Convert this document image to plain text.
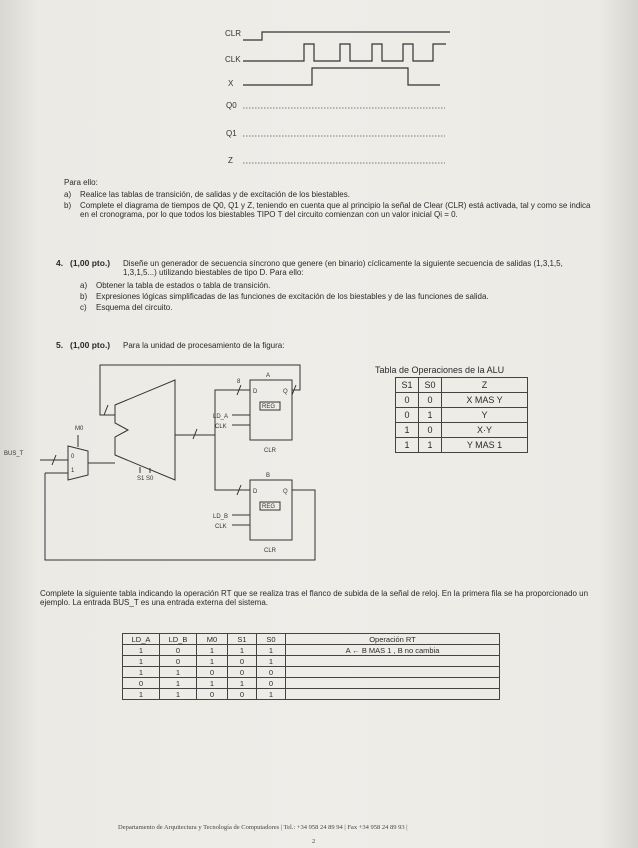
CLR
CLK
X
Q0
Q1
Z
Para ello:
a)	Realice las tablas de transición, de salidas y de excitación de los biestables.
b)	Complete el diagrama de tiempos de Q0, Q1 y Z, teniendo en cuenta que al principio la señal de Clear (CLR) está activada, tal y como se indica en el cronograma, por lo que todos los biestables TIPO T del circuito comienzan con un valor inicial Qi = 0.
4. (1,00 pto.) Diseñe un generador de secuencia síncrono que genere (en binario) cíclicamente la siguiente secuencia de salidas (1,3,1,5, 1,3,1,5...) utilizando biestables de tipo D. Para ello:
a)	Obtener la tabla de estados o tabla de transición.
b)	Expresiones lógicas simplificadas de las funciones de excitación de los biestables y de las funciones de salida.
c)	Esquema del circuito.
5. (1,00 pto.) Para la unidad de procesamiento de la figura:
A
REG
B
REG
BUS_T
LD_A
CLK
LD_B
CLK
CLR
CLR
M0
S1 S0
D	Q
D	Q
0
1
8
Tabla de Operaciones de la ALU
S1	S0	Z
0	0	X MAS Y
0	1	Y
1	0	X·Y
1	1	Y MAS 1
Complete la siguiente tabla indicando la operación RT que se realiza tras el flanco de subida de la señal de reloj. En la primera fila se ha proporcionado un ejemplo. La entrada BUS_T es una entrada externa del sistema.
LD_A	LD_B	M0	S1	S0	Operación RT
1	0	1	1	1	A ← B MAS 1 , B no cambia
1	0	1	0	1	
1	1	0	0	0	
0	1	1	1	0	
1	1	0	0	1	
Departamento de Arquitectura y Tecnología de Computadores | Tel.: +34 958 24 89 94 | Fax +34 958 24 89 93 |
2
